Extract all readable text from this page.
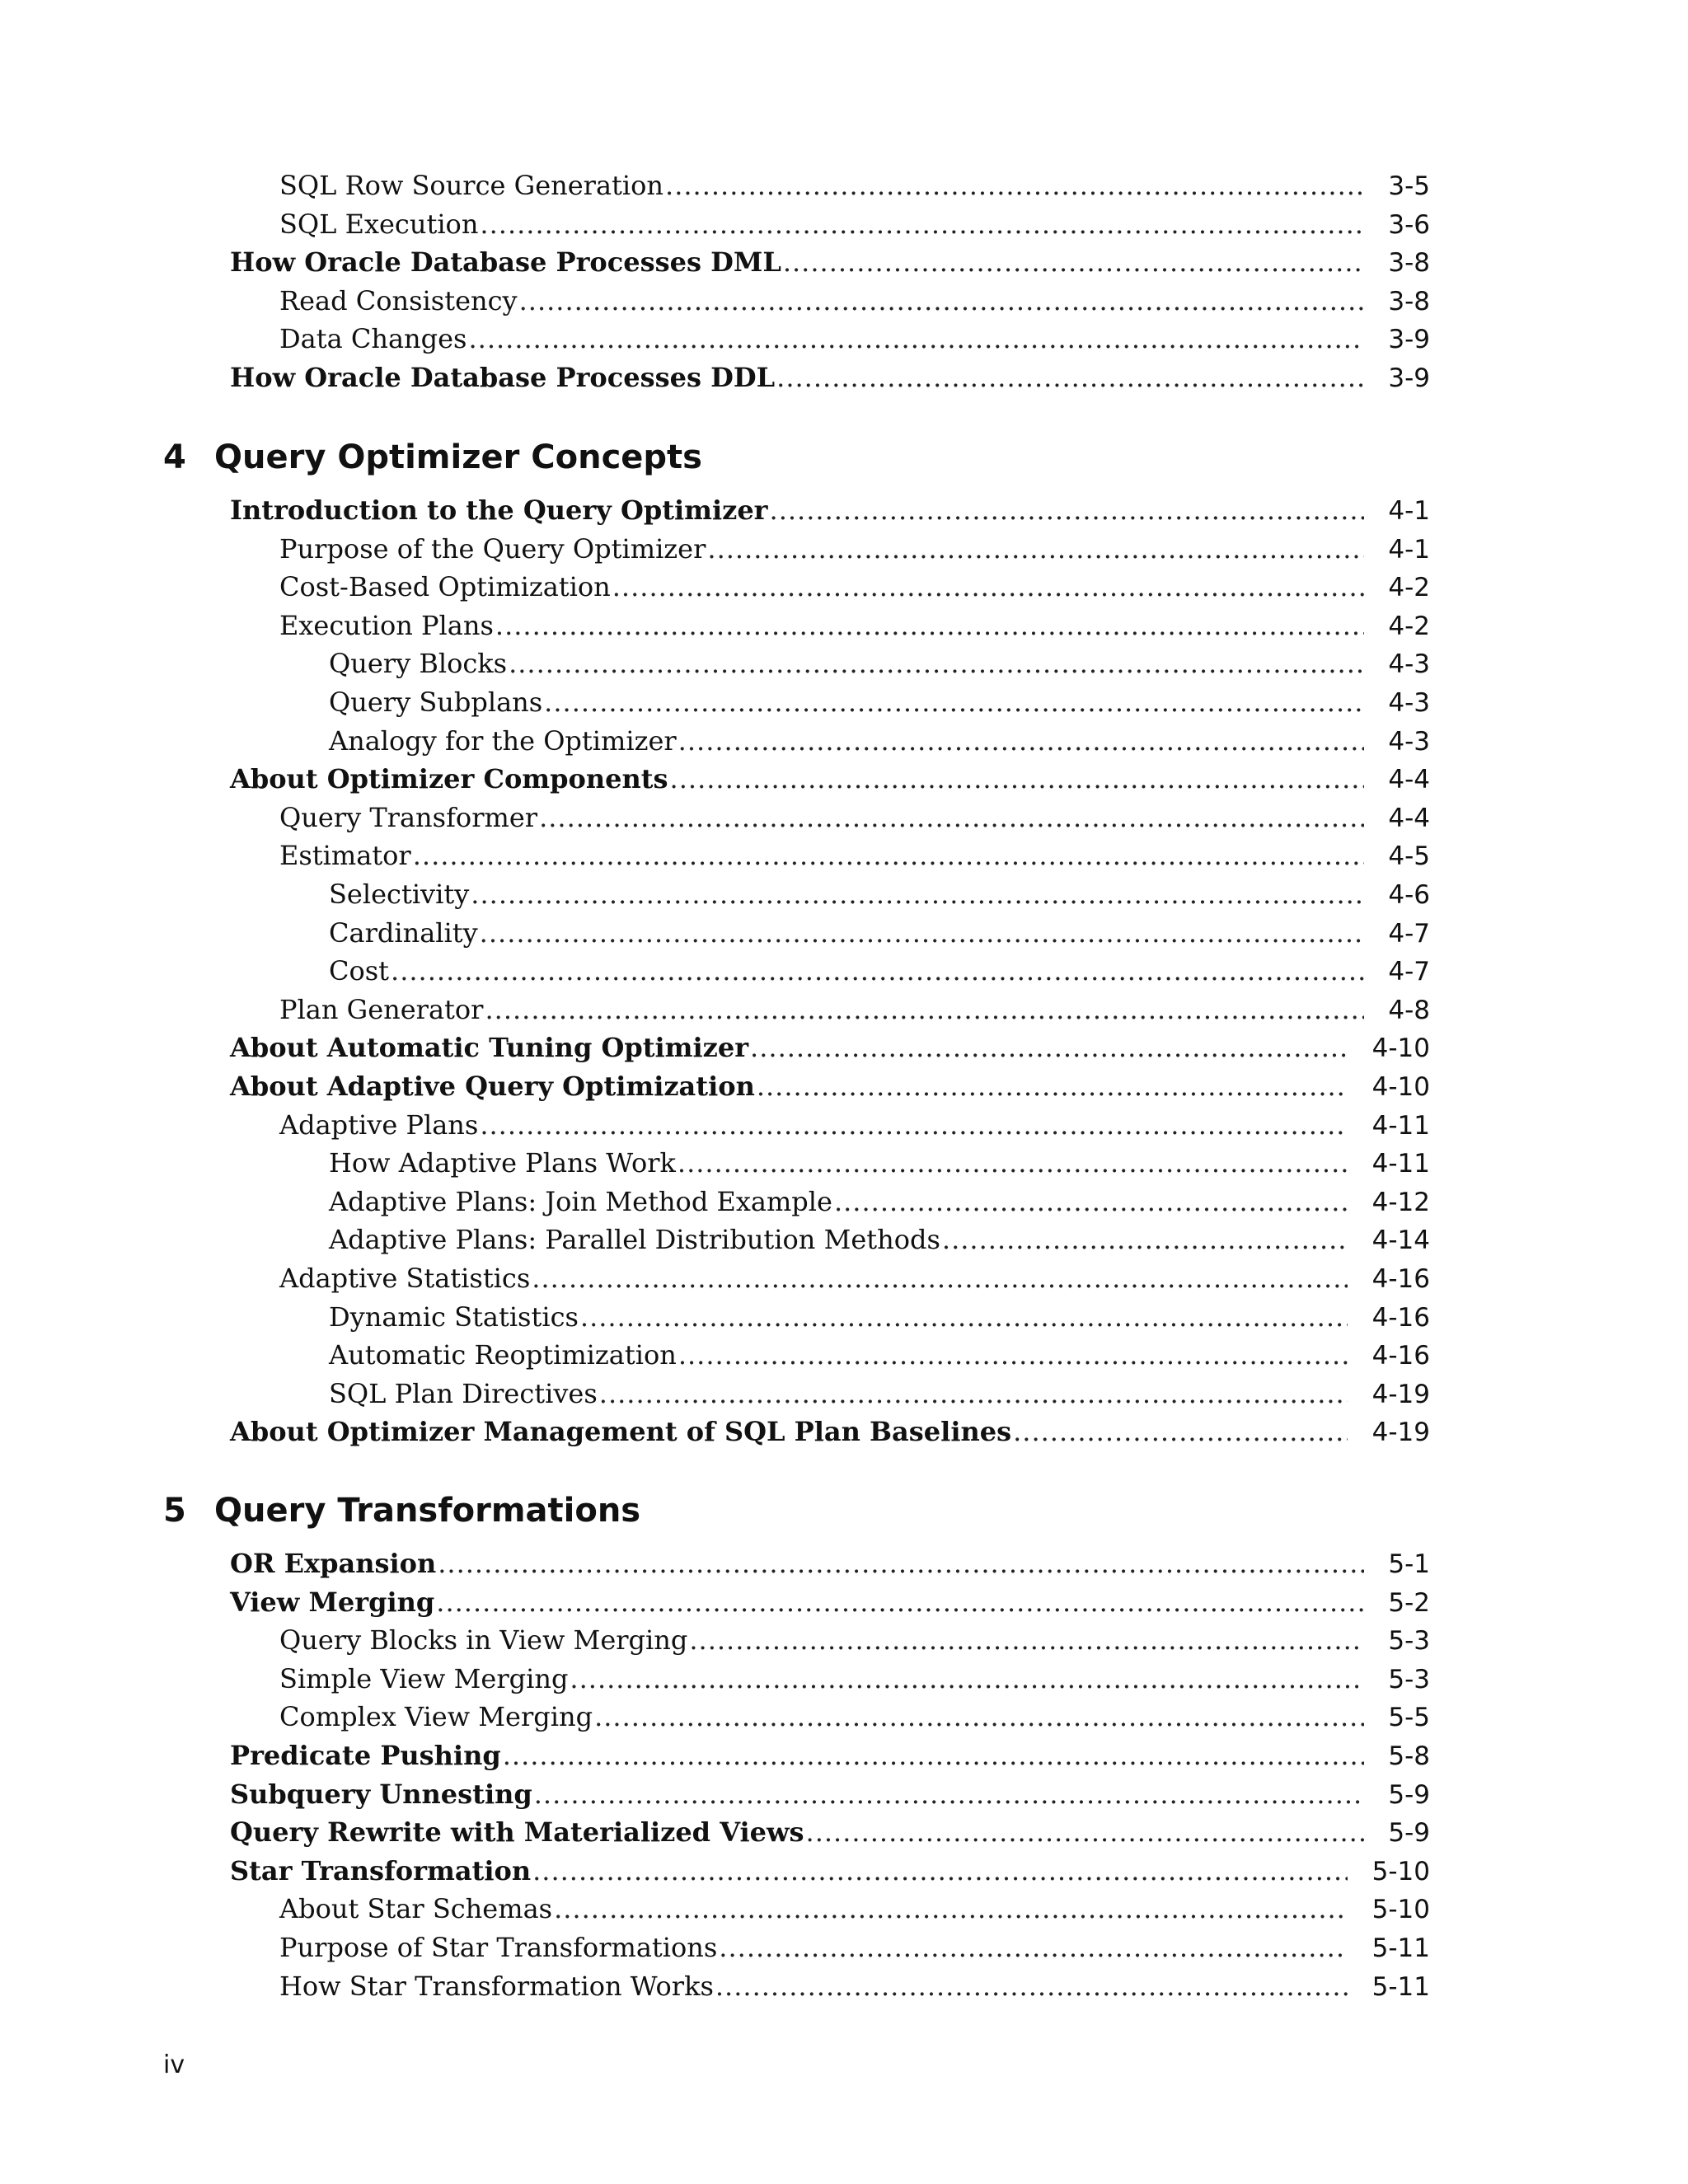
SQL Row Source Generation .....	3-5
SQL Execution .....	3-6
How Oracle Database Processes DML .....	3-8
Read Consistency .....	3-8
Data Changes .....	3-9
How Oracle Database Processes DDL .....	3-9
4 Query Optimizer Concepts
Introduction to the Query Optimizer .....	4-1
Purpose of the Query Optimizer .....	4-1
Cost-Based Optimization .....	4-2
Execution Plans .....	4-2
Query Blocks .....	4-3
Query Subplans .....	4-3
Analogy for the Optimizer .....	4-3
About Optimizer Components .....	4-4
Query Transformer .....	4-4
Estimator .....	4-5
Selectivity .....	4-6
Cardinality .....	4-7
Cost .....	4-7
Plan Generator .....	4-8
About Automatic Tuning Optimizer .....	4-10
About Adaptive Query Optimization .....	4-10
Adaptive Plans .....	4-11
How Adaptive Plans Work .....	4-11
Adaptive Plans: Join Method Example .....	4-12
Adaptive Plans: Parallel Distribution Methods .....	4-14
Adaptive Statistics .....	4-16
Dynamic Statistics .....	4-16
Automatic Reoptimization .....	4-16
SQL Plan Directives .....	4-19
About Optimizer Management of SQL Plan Baselines .....	4-19
5 Query Transformations
OR Expansion .....	5-1
View Merging .....	5-2
Query Blocks in View Merging .....	5-3
Simple View Merging .....	5-3
Complex View Merging .....	5-5
Predicate Pushing .....	5-8
Subquery Unnesting .....	5-9
Query Rewrite with Materialized Views .....	5-9
Star Transformation .....	5-10
About Star Schemas .....	5-10
Purpose of Star Transformations .....	5-11
How Star Transformation Works .....	5-11
iv
